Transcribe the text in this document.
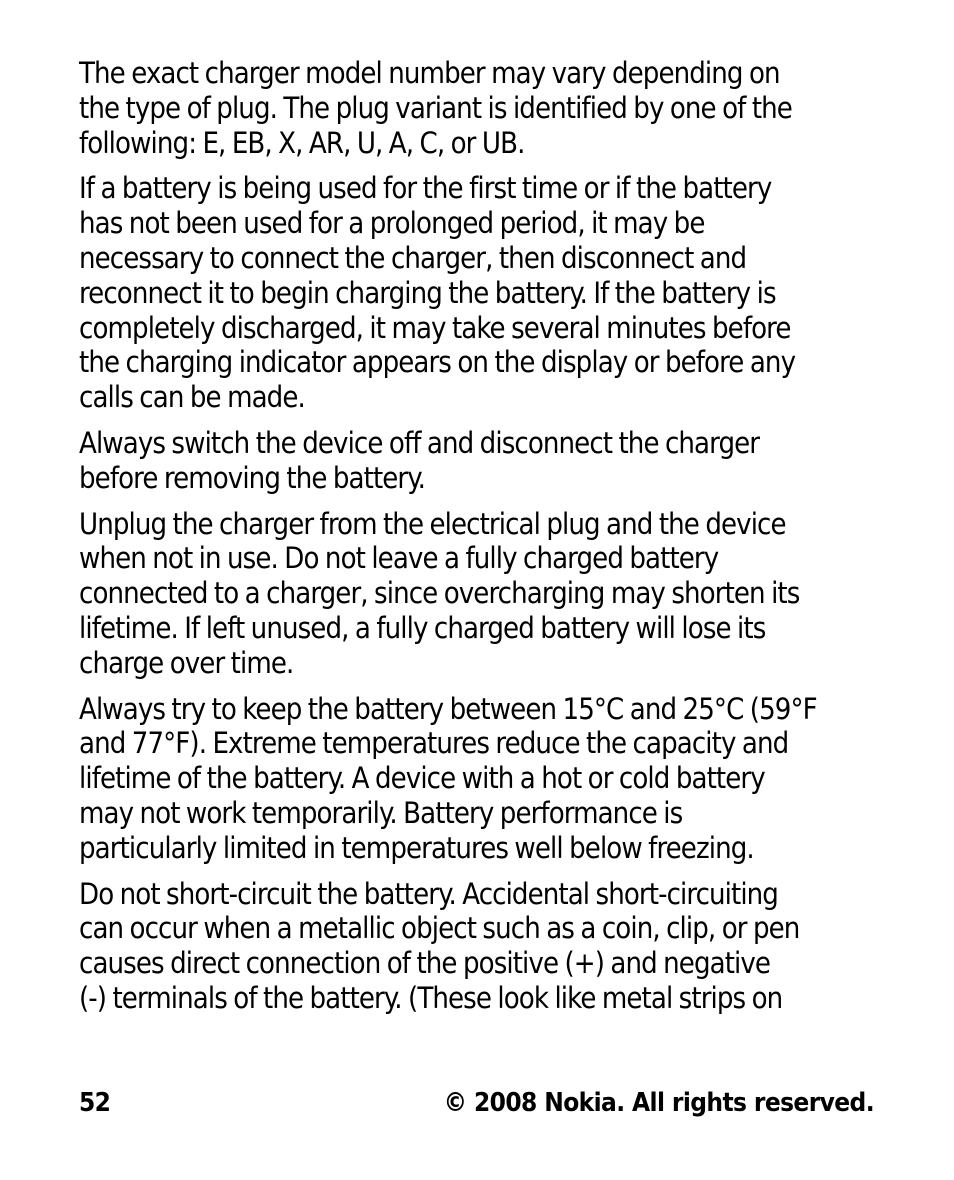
The exact charger model number may vary depending on
the type of plug. The plug variant is identified by one of the
following: E, EB, X, AR, U, A, C, or UB.

If a battery is being used for the first time or if the battery
has not been used for a prolonged period, it may be
necessary to connect the charger, then disconnect and
reconnect it to begin charging the battery. If the battery is
completely discharged, it may take several minutes before
the charging indicator appears on the display or before any
calls can be made.

Always switch the device off and disconnect the charger
before removing the battery.

Unplug the charger from the electrical plug and the device
when not in use. Do not leave a fully charged battery
connected to a charger, since overcharging may shorten its
lifetime. If left unused, a fully charged battery will lose its
charge over time.

Always try to keep the battery between 15°C and 25°C (59°F
and 77°F). Extreme temperatures reduce the capacity and
lifetime of the battery. A device with a hot or cold battery
may not work temporarily. Battery performance is
particularly limited in temperatures well below freezing.

Do not short-circuit the battery. Accidental short-circuiting
can occur when a metallic object such as a coin, clip, or pen
causes direct connection of the positive (+) and negative
(-) terminals of the battery. (These look like metal strips on

52	© 2008 Nokia. All rights reserved.
